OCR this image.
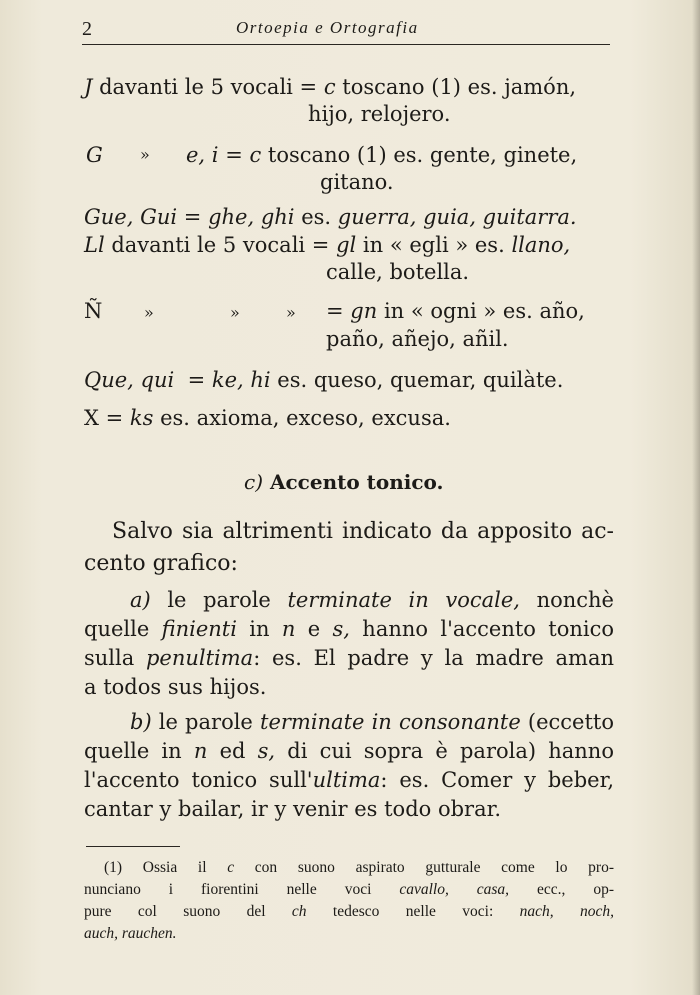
2	Ortoepia e Ortografia
J davanti le 5 vocali = c toscano (1) es. jamón,
hijo, relojero.
G » e, i = c toscano (1) es. gente, ginete,
gitano.
Gue, Gui = ghe, ghi es. guerra, guia, guitarra.
Ll davanti le 5 vocali = gl in « egli » es. llano,
calle, botella.
Ñ	»	»	» = gn in « ogni » es. año,
paño, añejo, añil.
Que, qui = ke, hi es. queso, quemar, quilàte.
X = ks es. axioma, exceso, excusa.
c) Accento tonico.
Salvo sia altrimenti indicato da apposito ac-
cento grafico:
a) le parole terminate in vocale, nonchè
quelle finienti in n e s, hanno l'accento tonico
sulla penultima: es. El padre y la madre aman
a todos sus hijos.
b) le parole terminate in consonante (eccetto
quelle in n ed s, di cui sopra è parola) hanno
l'accento tonico sull'ultima: es. Comer y beber,
cantar y bailar, ir y venir es todo obrar.
(1) Ossia il c con suono aspirato gutturale come lo pro-
nunciano i fiorentini nelle voci cavallo, casa, ecc., op-
pure col suono del ch tedesco nelle voci: nach, noch,
auch, rauchen.
